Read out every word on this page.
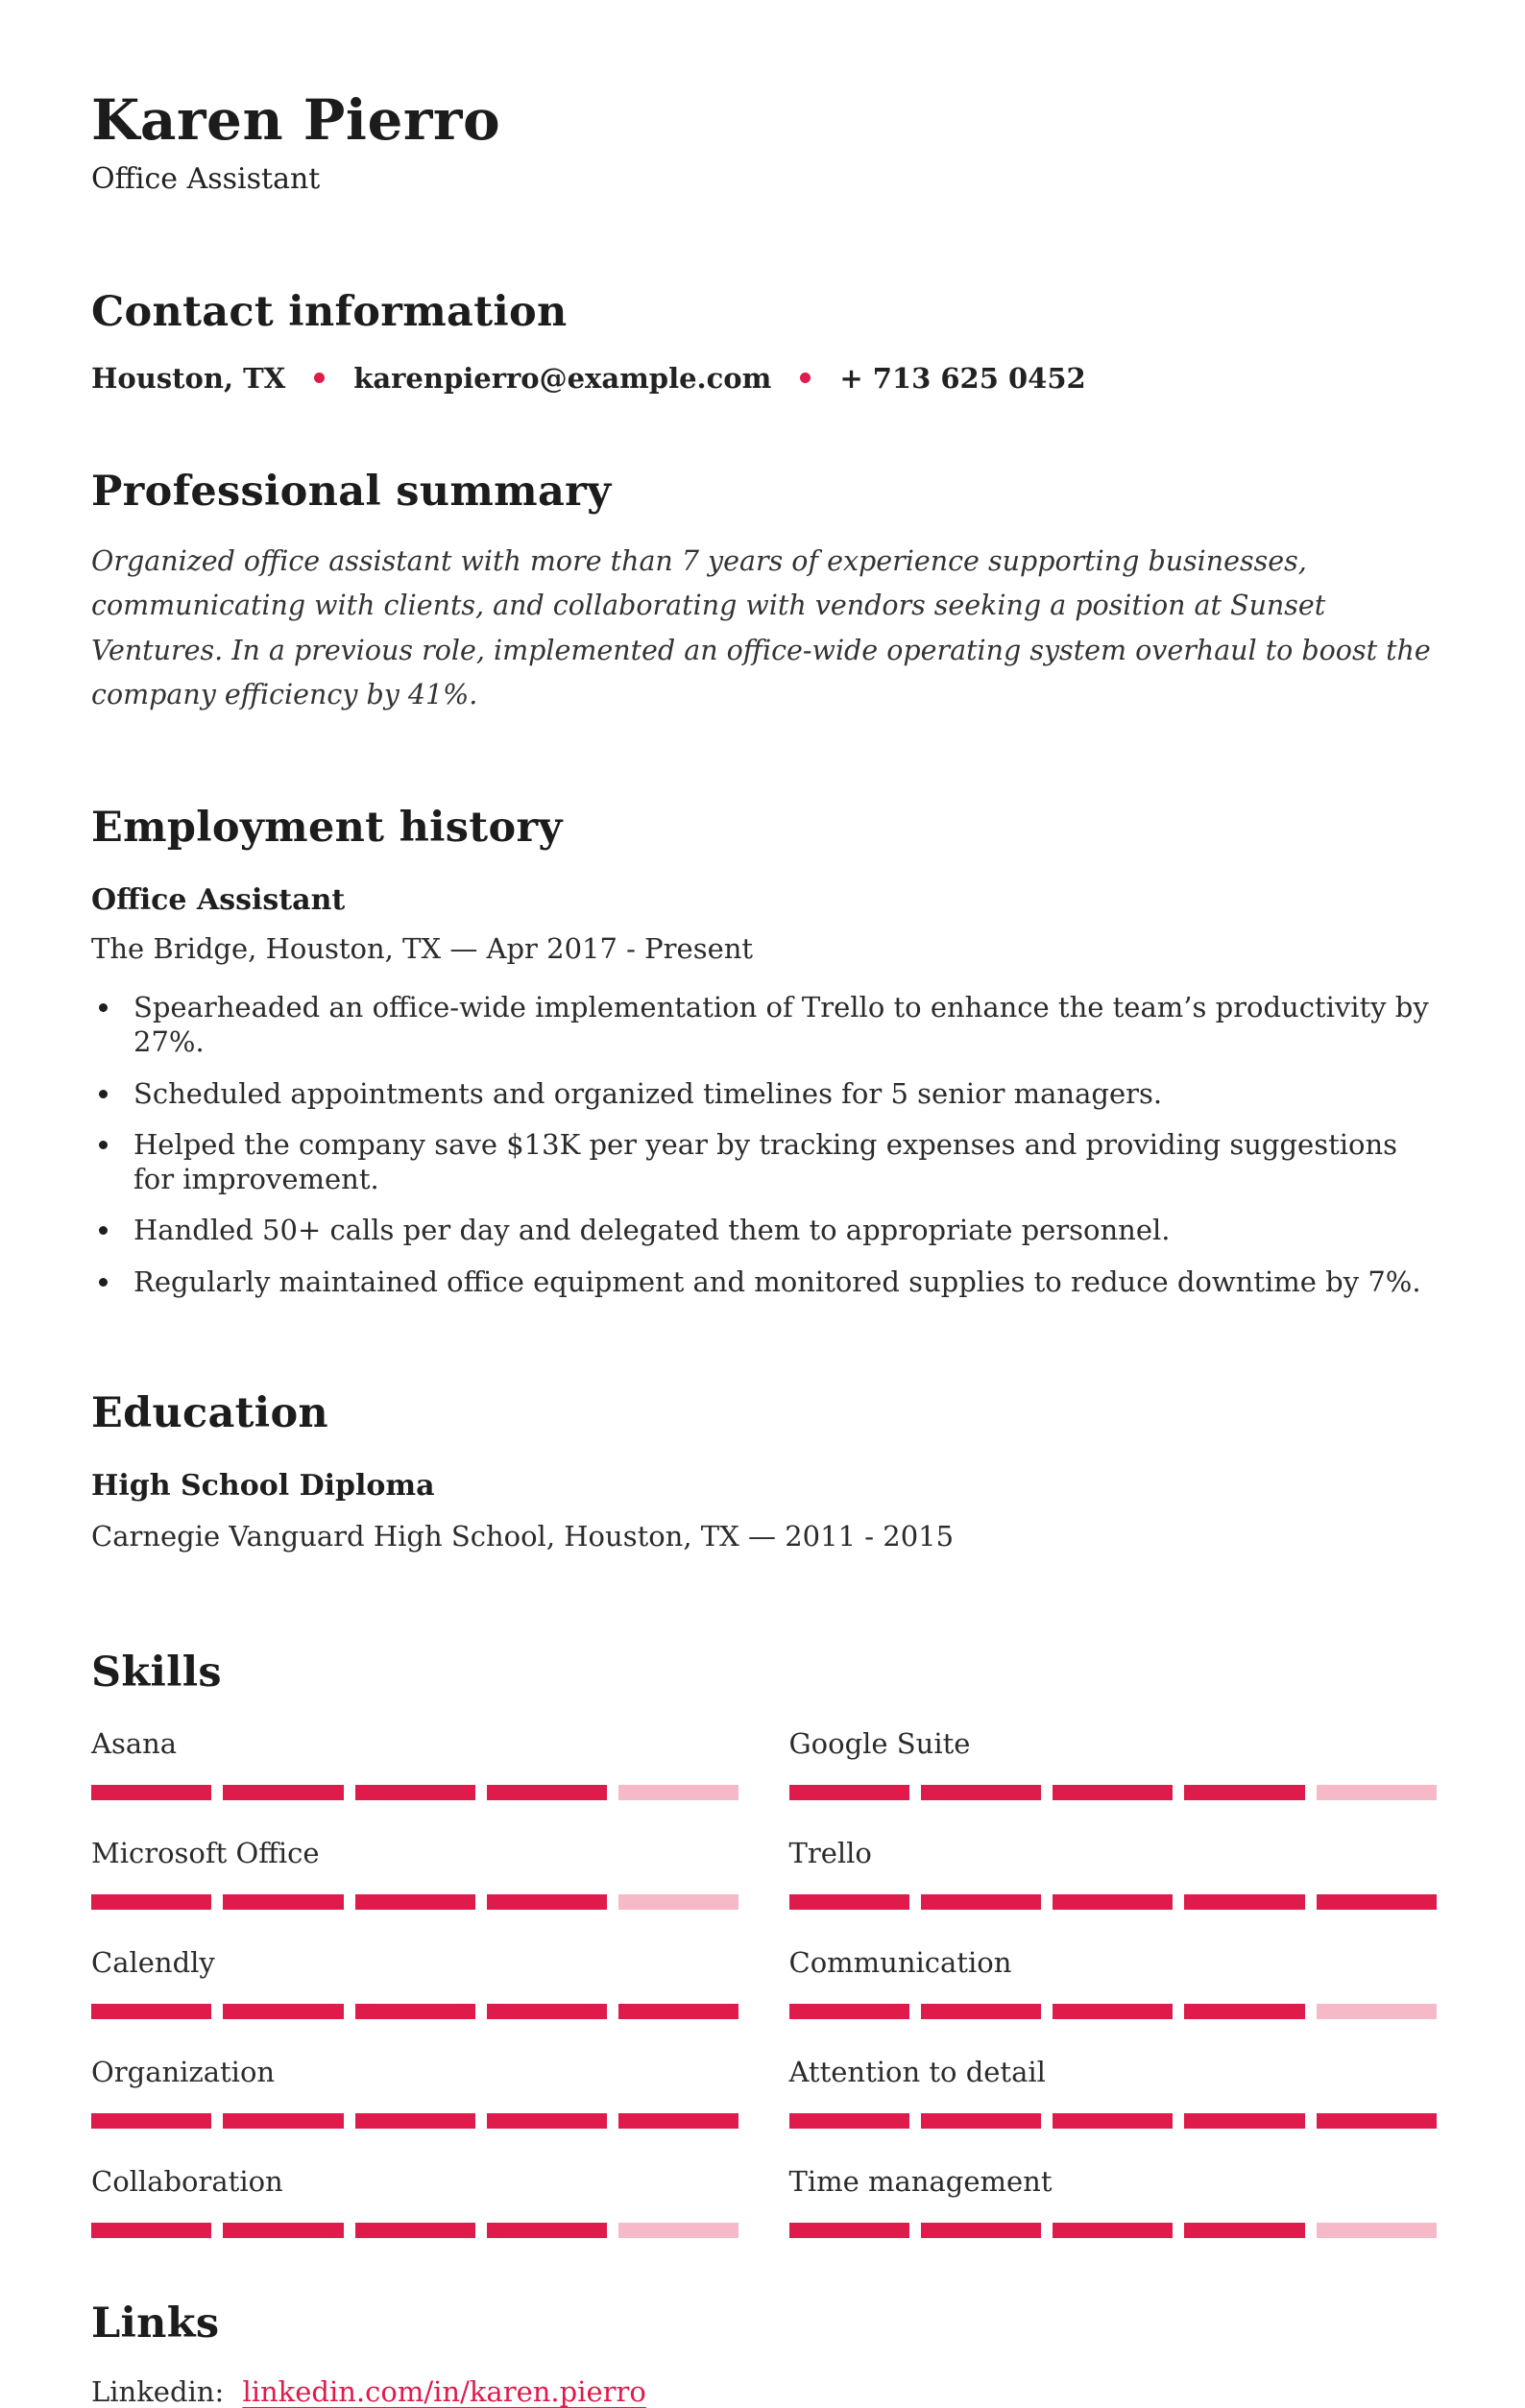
Karen Pierro
Office Assistant
Contact information
Houston, TX karenpierro@example.com + 713 625 0452
Professional summary

Organized office assistant with more than 7 years of experience supporting businesses, communicating with clients, and collaborating with vendors seeking a position at Sunset Ventures. In a previous role, implemented an office-wide operating system overhaul to boost the company efficiency by 41%.

Employment history
Office Assistant
The Bridge, Houston, TX — Apr 2017 - Present
Spearheaded an office-wide implementation of Trello to enhance the team’s productivity by 27%.
Scheduled appointments and organized timelines for 5 senior managers.
Helped the company save $13K per year by tracking expenses and providing suggestions for improvement.
Handled 50+ calls per day and delegated them to appropriate personnel.
Regularly maintained office equipment and monitored supplies to reduce downtime by 7%.
Education
High School Diploma
Carnegie Vanguard High School, Houston, TX — 2011 - 2015
Skills
Asana	Google Suite
Microsoft Office	Trello
Calendly	Communication
Organization	Attention to detail
Collaboration	Time management
Links
Linkedin: linkedin.com/in/karen.pierro
